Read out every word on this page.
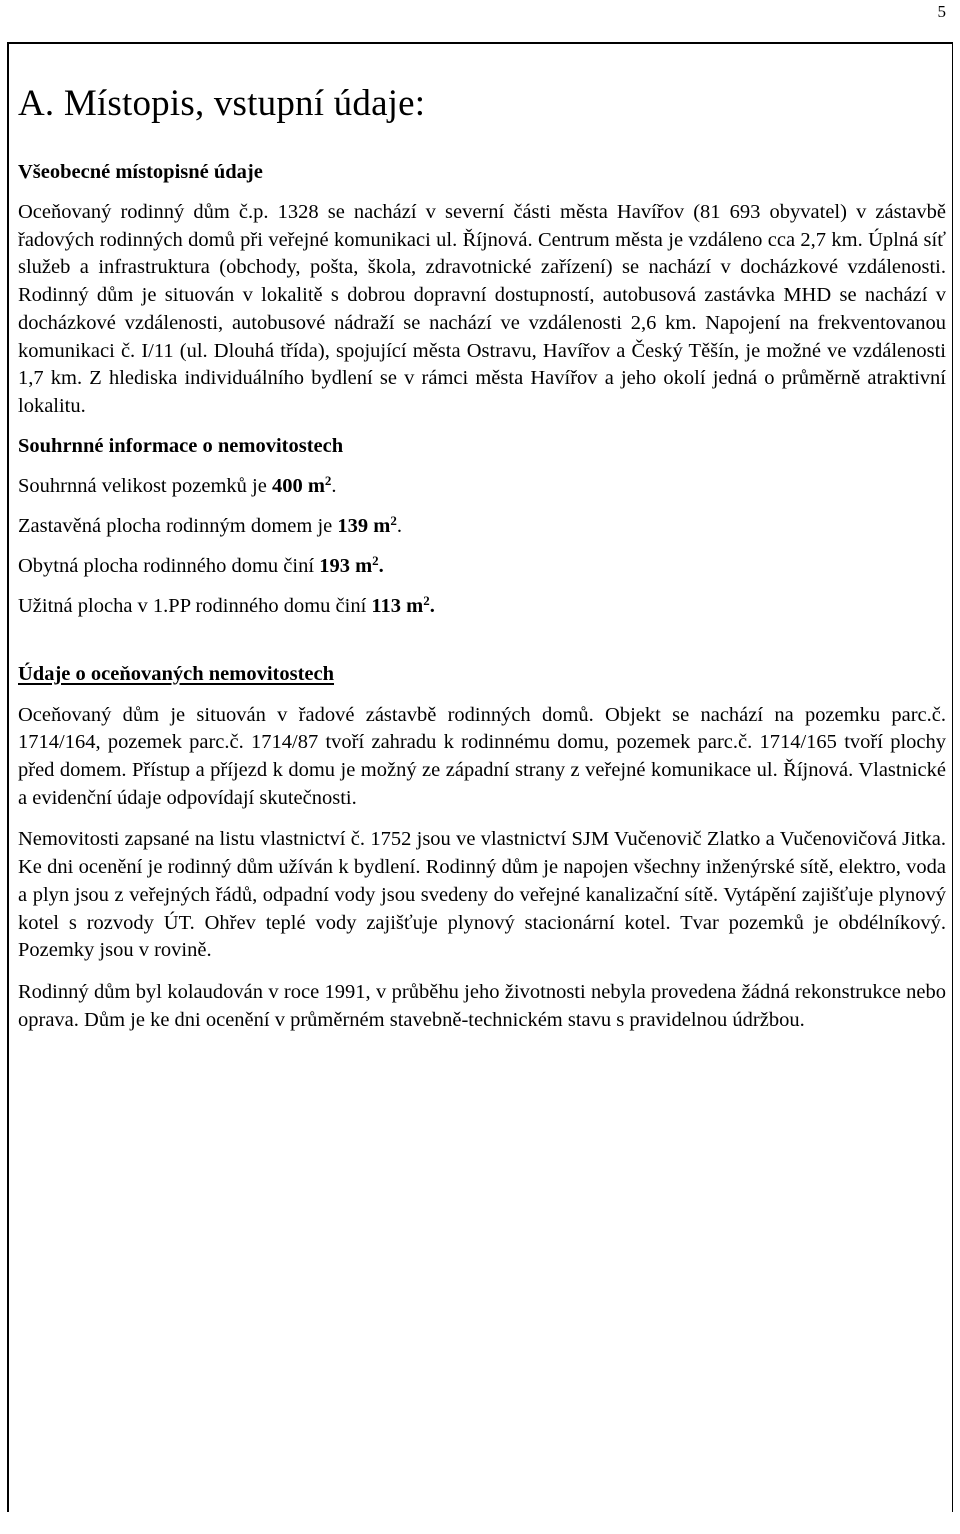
5
A. Místopis, vstupní údaje:
Všeobecné místopisné údaje

Oceňovaný rodinný dům č.p. 1328 se nachází v severní části města Havířov (81 693 obyvatel) v zástavbě řadových rodinných domů při veřejné komunikaci ul. Říjnová. Centrum města je vzdáleno cca 2,7 km. Úplná síť služeb a infrastruktura (obchody, pošta, škola, zdravotnické zařízení) se nachází v docházkové vzdálenosti. Rodinný dům je situován v lokalitě s dobrou dopravní dostupností, autobusová zastávka MHD se nachází v docházkové vzdálenosti, autobusové nádraží se nachází ve vzdálenosti 2,6 km. Napojení na frekventovanou komunikaci č. I/11 (ul. Dlouhá třída), spojující města Ostravu, Havířov a Český Těšín, je možné ve vzdálenosti 1,7 km. Z hlediska individuálního bydlení se v rámci města Havířov a jeho okolí jedná o průměrně atraktivní lokalitu.

Souhrnné informace o nemovitostech
Souhrnná velikost pozemků je 400 $m^2$.
Zastavěná plocha rodinným domem je 139 $m^2$.
Obytná plocha rodinného domu činí 193 $m^2$.
Užitná plocha v 1.PP rodinného domu činí 113 $m^2$.
Údaje o oceňovaných nemovitostech

Oceňovaný dům je situován v řadové zástavbě rodinných domů. Objekt se nachází na pozemku parc.č. 1714/164, pozemek parc.č. 1714/87 tvoří zahradu k rodinnému domu, pozemek parc.č. 1714/165 tvoří plochy před domem. Přístup a příjezd k domu je možný ze západní strany z veřejné komunikace ul. Říjnová. Vlastnické a evidenční údaje odpovídají skutečnosti.

Nemovitosti zapsané na listu vlastnictví č. 1752 jsou ve vlastnictví SJM Vučenovič Zlatko a Vučenovičová Jitka. Ke dni ocenění je rodinný dům užíván k bydlení. Rodinný dům je napojen všechny inženýrské sítě, elektro, voda a plyn jsou z veřejných řádů, odpadní vody jsou svedeny do veřejné kanalizační sítě. Vytápění zajišťuje plynový kotel s rozvody ÚT. Ohřev teplé vody zajišťuje plynový stacionární kotel. Tvar pozemků je obdélníkový. Pozemky jsou v rovině.

Rodinný dům byl kolaudován v roce 1991, v průběhu jeho životnosti nebyla provedena žádná rekonstrukce nebo oprava. Dům je ke dni ocenění v průměrném stavebně-technickém stavu s pravidelnou údržbou.
